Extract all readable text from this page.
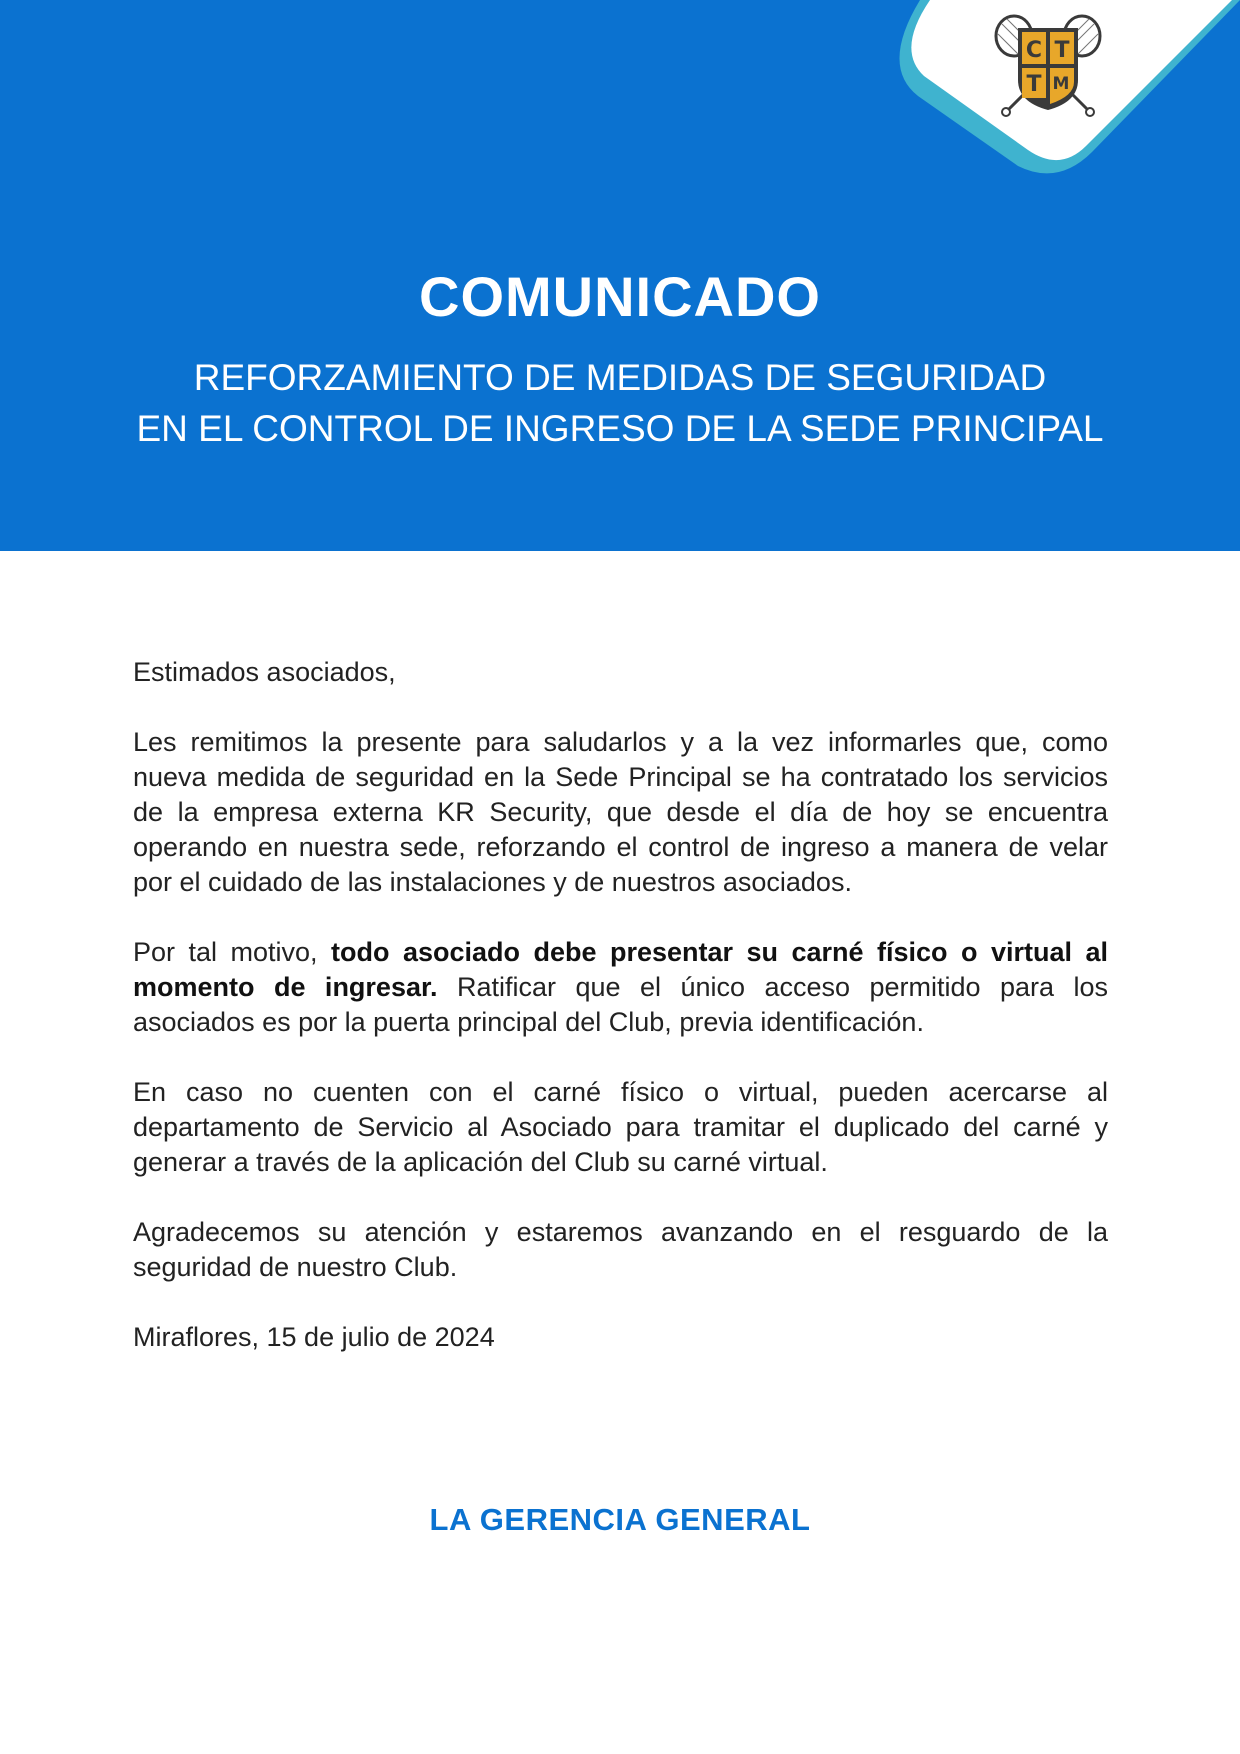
C T
T M
COMUNICADO
REFORZAMIENTO DE MEDIDAS DE SEGURIDAD
EN EL CONTROL DE INGRESO DE LA SEDE PRINCIPAL

Estimados asociados,

Les remitimos la presente para saludarlos y a la vez informarles que, como nueva medida de seguridad en la Sede Principal se ha contratado los servicios de la empresa externa KR Security, que desde el día de hoy se encuentra operando en nuestra sede, reforzando el control de ingreso a manera de velar por el cuidado de las instalaciones y de nuestros asociados.

Por tal motivo, todo asociado debe presentar su carné físico o virtual al momento de ingresar. Ratificar que el único acceso permitido para los asociados es por la puerta principal del Club, previa identificación.

En caso no cuenten con el carné físico o virtual, pueden acercarse al departamento de Servicio al Asociado para tramitar el duplicado del carné y generar a través de la aplicación del Club su carné virtual.

Agradecemos su atención y estaremos avanzando en el resguardo de la seguridad de nuestro Club.

Miraflores, 15 de julio de 2024

LA GERENCIA GENERAL
